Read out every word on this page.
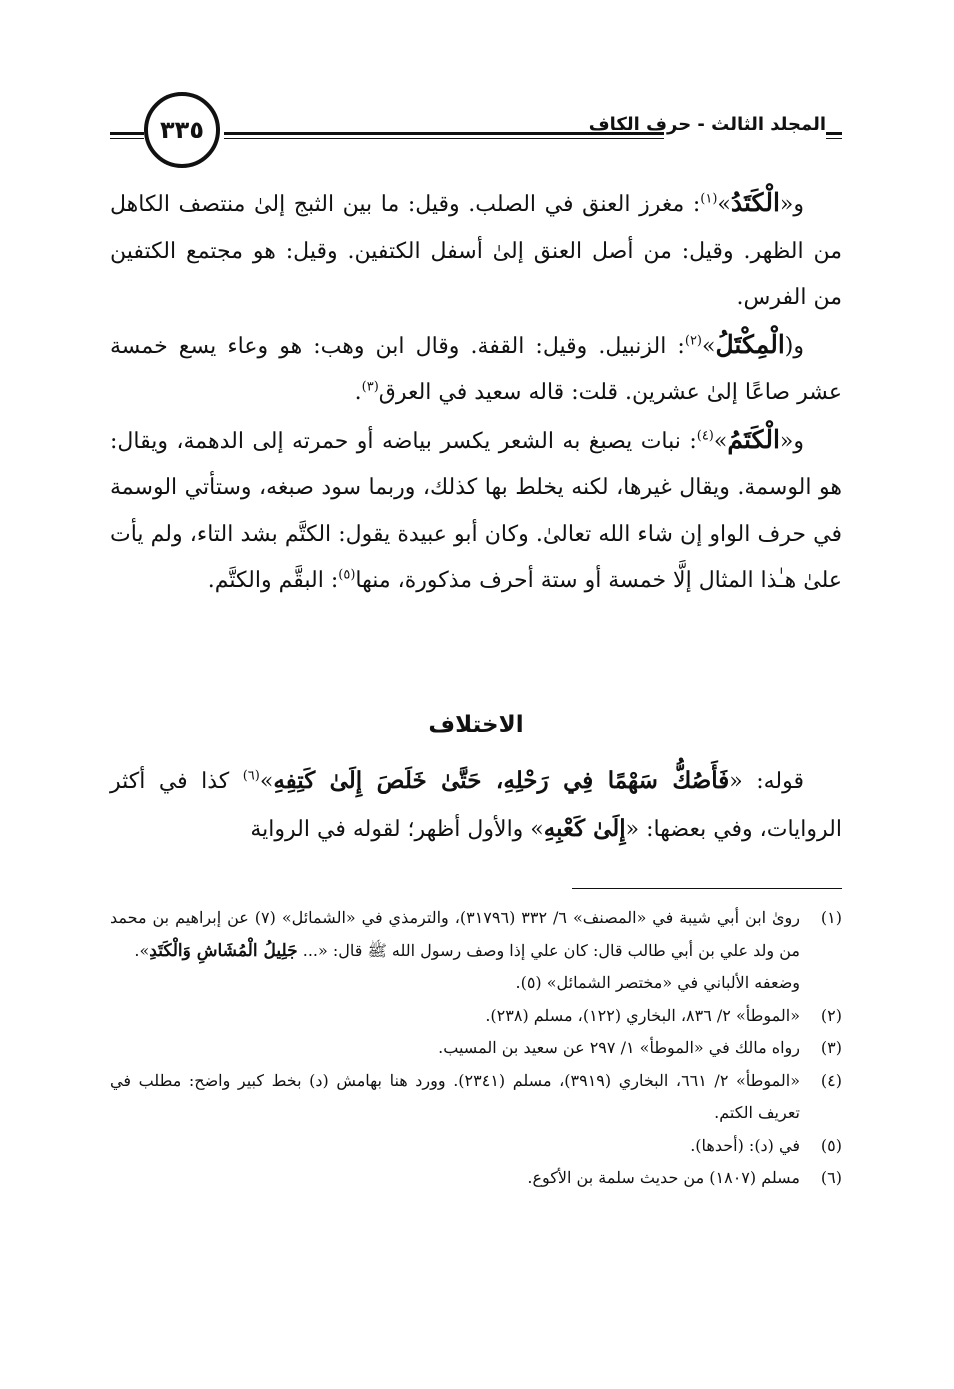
٣٣٥	المجلد الثالث - حرف الكاف

و«الْكَتَدُ»$^{(١)}$: مغرز العنق في الصلب. وقيل: ما بين الثبج إلىٰ منتصف الكاهل من الظهر. وقيل: من أصل العنق إلىٰ أسفل الكتفين. وقيل: هو مجتمع الكتفين من الفرس.

و(الْمِكْتَلُ»$^{(٢)}$: الزنبيل. وقيل: القفة. وقال ابن وهب: هو وعاء يسع خمسة عشر صاعًا إلىٰ عشرين. قلت: قاله سعيد في العرق$^{(٣)}$.

و«الْكَتَمُ»$^{(٤)}$: نبات يصبغ به الشعر يكسر بياضه أو حمرته إلى الدهمة، ويقال: هو الوسمة. ويقال غيرها، لكنه يخلط بها كذلك، وربما سود صبغه، وستأتي الوسمة في حرف الواو إن شاء الله تعالىٰ. وكان أبو عبيدة يقول: الكتَّم بشد التاء، ولم يأت علىٰ هـٰذا المثال إلَّا خمسة أو ستة أحرف مذكورة، منها$^{(٥)}$: البقَّم والكتَّم.

الاختلاف

قوله: «فَأَصُكُّ سَهْمًا فِي رَحْلِهِ، حَتَّىٰ خَلَصَ إِلَىٰ كَتِفِهِ»$^{(٦)}$ كذا في أكثر الروايات، وفي بعضها: «إِلَىٰ كَعْبِهِ» والأول أظهر؛ لقوله في الرواية

(١)
رویٰ ابن أبي شيبة في «المصنف» ٦/ ٣٣٢ (٣١٧٩٦)، والترمذي في «الشمائل» (٧) عن إبراهيم بن محمد من ولد علي بن أبي طالب قال: كان علي إذا وصف رسول الله ﷺ قال: «... جَلِيلُ الْمُشَاشِ وَالْكَتَدِ».
وضعفه الألباني في «مختصر الشمائل» (٥).
(٢)
«الموطأ» ٢/ ٨٣٦، البخاري (١٢٢)، مسلم (٢٣٨).
(٣)
رواه مالك في «الموطأ» ١/ ٢٩٧ عن سعيد بن المسيب.
(٤)
«الموطأ» ٢/ ٦٦١، البخاري (٣٩١٩)، مسلم (٢٣٤١). وورد هنا بهامش (د) بخط كبير واضح: مطلب في تعريف الكتم.
(٥)
في (د): (أحدها).
(٦)
مسلم (١٨٠٧) من حديث سلمة بن الأكوع.
